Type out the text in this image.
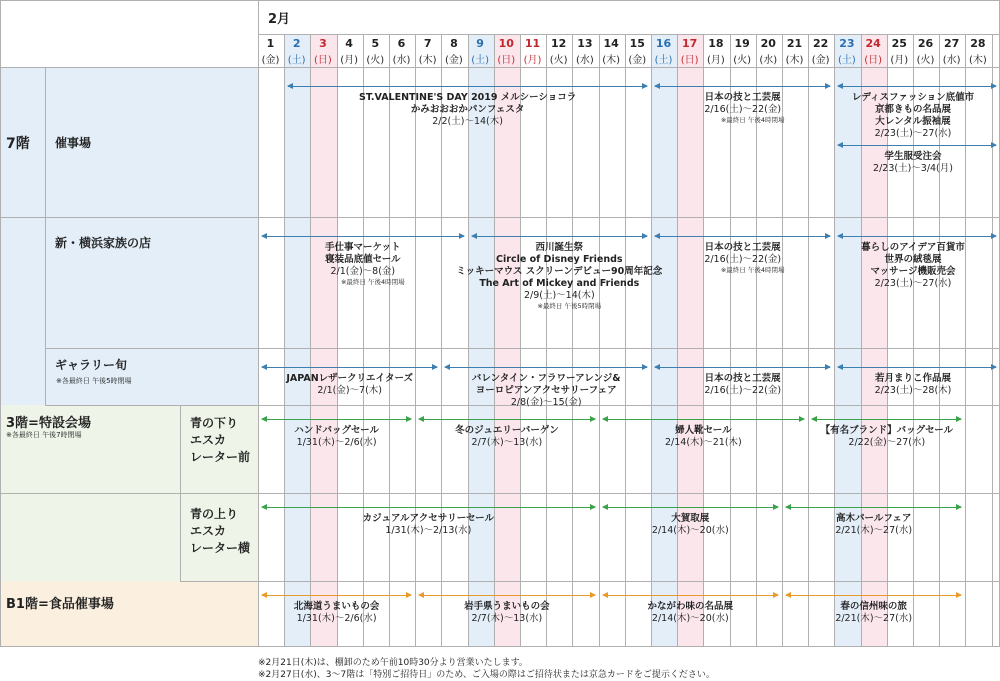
2月
1
(金)
2
(土)
3
(日)
4
(月)
5
(火)
6
(水)
7
(木)
8
(金)
9
(土)
10
(日)
11
(月)
12
(火)
13
(水)
14
(木)
15
(金)
16
(土)
17
(日)
18
(月)
19
(火)
20
(水)
21
(木)
22
(金)
23
(土)
24
(日)
25
(月)
26
(火)
27
(水)
28
(木)
7階 催事場
新・横浜家族の店
ギャラリー旬
※各最終日 午後5時閉場
3階=特設会場
※各最終日 午後7時閉場
青の下り
エスカ
レーター前
青の上り
エスカ
レーター横
B1階=食品催事場
ST.VALENTINE'S DAY 2019 メルシーショコラ
かみおおおかパンフェスタ
2/2(土)～14(木)
日本の技と工芸展
2/16(土)～22(金)
※最終日 午後4時閉場
レディスファッション底値市
京都きもの名品展
大レンタル振袖展
2/23(土)～27(水)
学生服受注会
2/23(土)～3/4(月)
手仕事マーケット
寝装品底値セール
2/1(金)～8(金)
※最終日 午後4時閉場
西川誕生祭
Circle of Disney Friends
ミッキーマウス スクリーンデビュー90周年記念
The Art of Mickey and Friends
2/9(土)～14(木)
※最終日 午後5時閉場
日本の技と工芸展
2/16(土)～22(金)
※最終日 午後4時閉場
暮らしのアイデア百貨市
世界の絨毯展
マッサージ機販売会
2/23(土)～27(水)
JAPANレザークリエイターズ
2/1(金)～7(木)
バレンタイン・フラワーアレンジ&
ヨーロピアンアクセサリーフェア
2/8(金)～15(金)
日本の技と工芸展
2/16(土)～22(金)
若月まりこ作品展
2/23(土)～28(木)
ハンドバッグセール
1/31(木)～2/6(水)
冬のジュエリーバーゲン
2/7(木)～13(水)
婦人靴セール
2/14(木)～21(木)
【有名ブランド】バッグセール
2/22(金)～27(水)
カジュアルアクセサリーセール
1/31(木)～2/13(水)
大賀取展
2/14(木)～20(水)
高木パールフェア
2/21(木)～27(水)
北海道うまいもの会
1/31(木)～2/6(水)
岩手県うまいもの会
2/7(木)～13(水)
かながわ味の名品展
2/14(木)～20(水)
春の信州味の旅
2/21(木)～27(水)
※2月21日(木)は、棚卸のため午前10時30分より営業いたします。
※2月27日(水)、3～7階は「特別ご招待日」のため、ご入場の際はご招待状または京急カードをご提示ください。
